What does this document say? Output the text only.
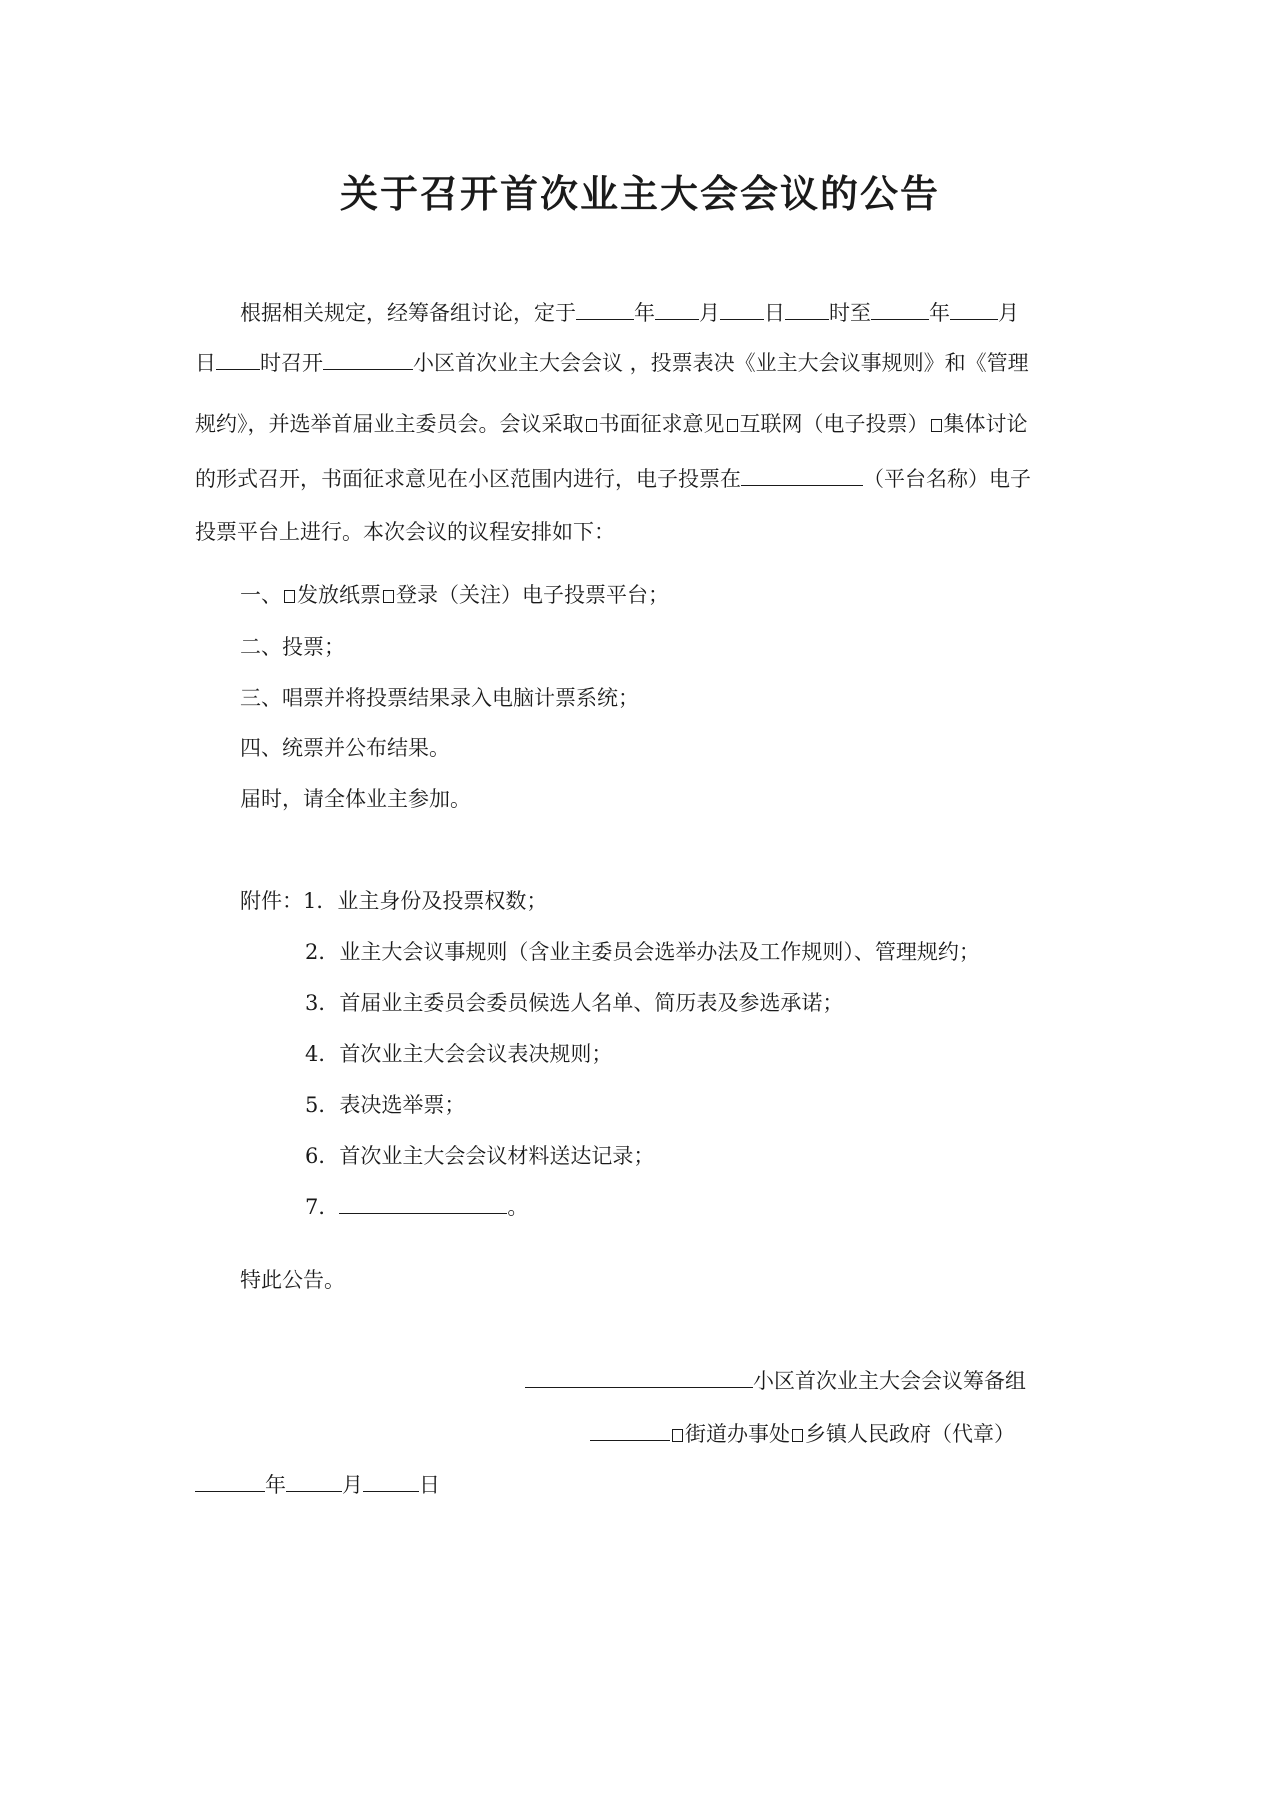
关于召开首次业主大会会议的公告
根据相关规定，经筹备组讨论，定于	年 月 日 时至	年 月
日 时召开	小区首次业主大会会议 ，投票表决《业主大会议事规则》和《管理
规约》，并选举首届业主委员会。会议采取 书面征求意见 互联网（电子投票） 集体讨论
的形式召开，书面征求意见在小区范围内进行，电子投票在	（平台名称）电子
投票平台上进行。本次会议的议程安排如下：
一、 发放纸票 登录（关注）电子投票平台；
二、投票；
三、唱票并将投票结果录入电脑计票系统；
四、统票并公布结果。
届时，请全体业主参加。
附件：1．业主身份及投票权数；
2．业主大会议事规则（含业主委员会选举办法及工作规则）、管理规约；
3．首届业主委员会委员候选人名单、简历表及参选承诺；
4．首次业主大会会议表决规则；
5．表决选举票；
6．首次业主大会会议材料送达记录；
7．	。
特此公告。
小区首次业主大会会议筹备组
街道办事处 乡镇人民政府（代章）
年	月	日
